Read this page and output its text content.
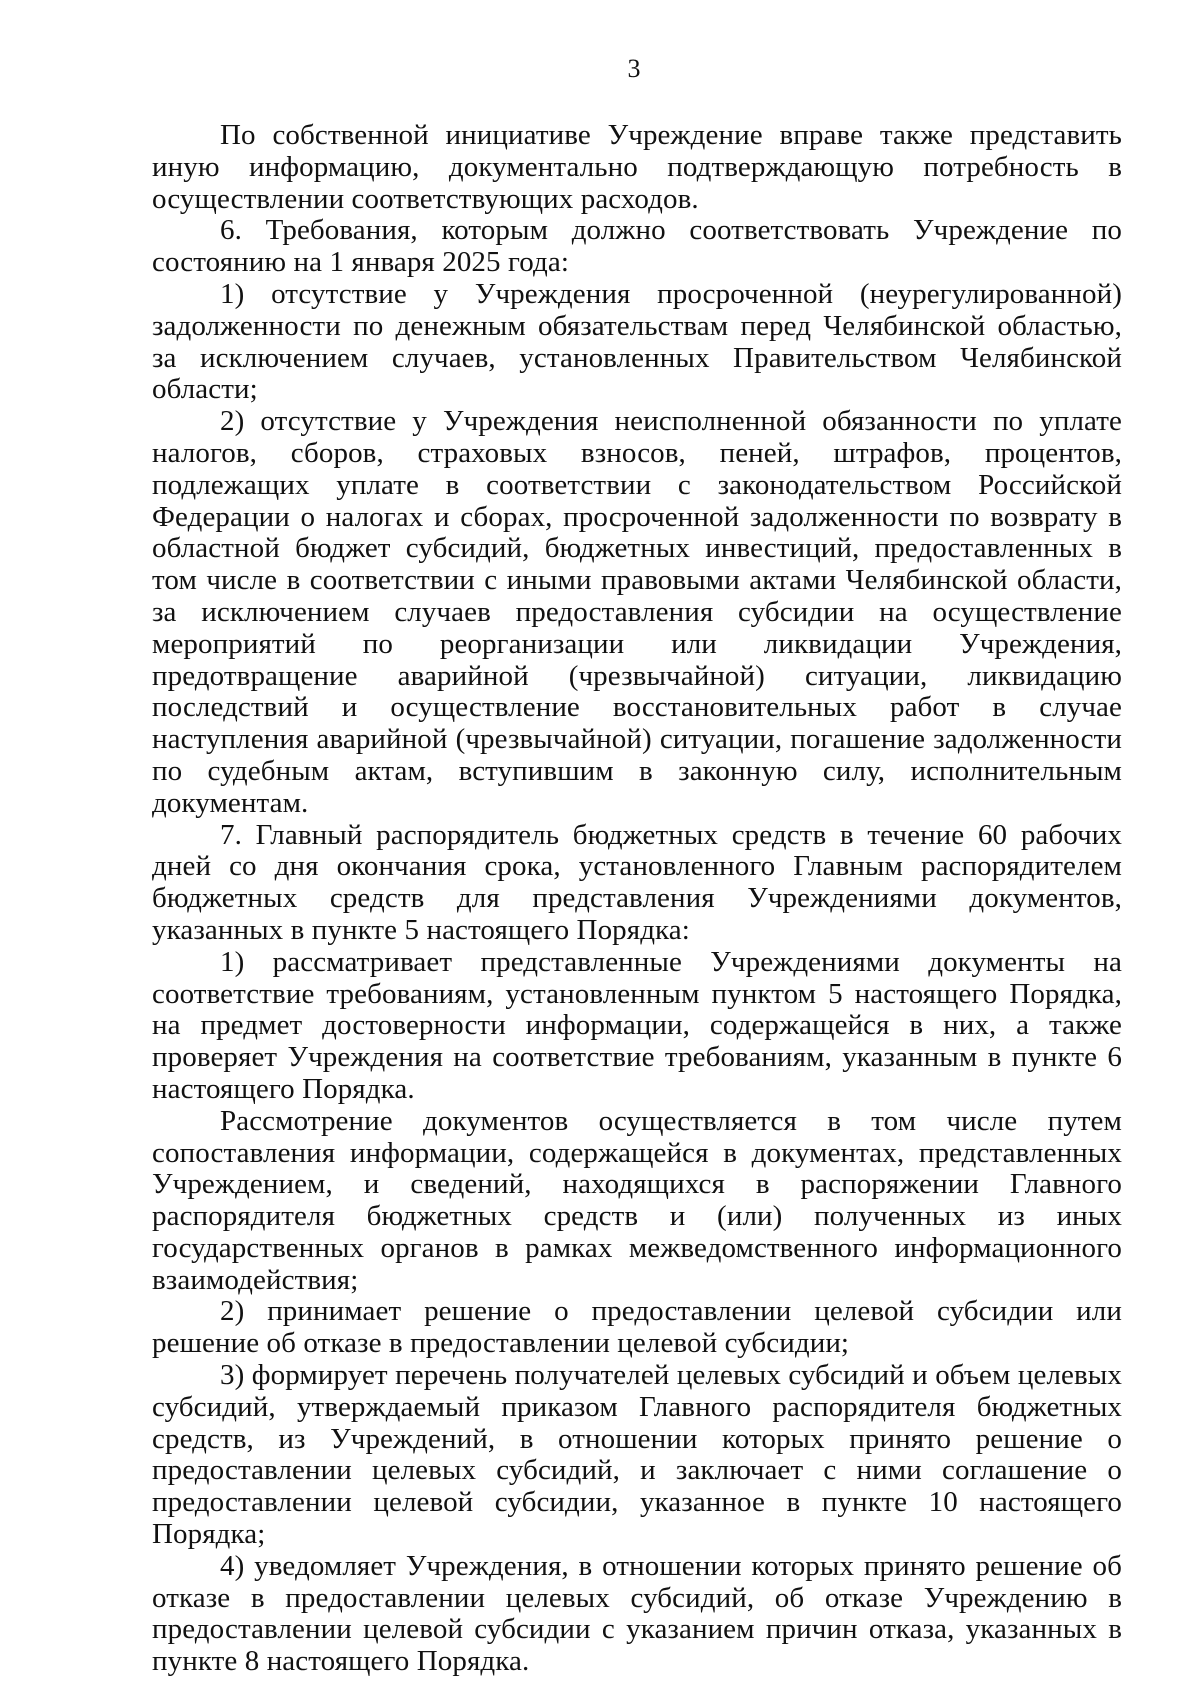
3

По собственной инициативе Учреждение вправе также представить иную информацию, документально подтверждающую потребность в осуществлении соответствующих расходов.

6. Требования, которым должно соответствовать Учреждение по состоянию на 1 января 2025 года:

1) отсутствие у Учреждения просроченной (неурегулированной) задолженности по денежным обязательствам перед Челябинской областью, за исключением случаев, установленных Правительством Челябинской области;

2) отсутствие у Учреждения неисполненной обязанности по уплате налогов, сборов, страховых взносов, пеней, штрафов, процентов, подлежащих уплате в соответствии с законодательством Российской Федерации о налогах и сборах, просроченной задолженности по возврату в областной бюджет субсидий, бюджетных инвестиций, предоставленных в том числе в соответствии с иными правовыми актами Челябинской области, за исключением случаев предоставления субсидии на осуществление мероприятий по реорганизации или ликвидации Учреждения, предотвращение аварийной (чрезвычайной) ситуации, ликвидацию последствий и осуществление восстановительных работ в случае наступления аварийной (чрезвычайной) ситуации, погашение задолженности по судебным актам, вступившим в законную силу, исполнительным документам.

7. Главный распорядитель бюджетных средств в течение 60 рабочих дней со дня окончания срока, установленного Главным распорядителем бюджетных средств для представления Учреждениями документов, указанных в пункте 5 настоящего Порядка:

1) рассматривает представленные Учреждениями документы на соответствие требованиям, установленным пунктом 5 настоящего Порядка, на предмет достоверности информации, содержащейся в них, а также проверяет Учреждения на соответствие требованиям, указанным в пункте 6 настоящего Порядка.

Рассмотрение документов осуществляется в том числе путем сопоставления информации, содержащейся в документах, представленных Учреждением, и сведений, находящихся в распоряжении Главного распорядителя бюджетных средств и (или) полученных из иных государственных органов в рамках межведомственного информационного взаимодействия;

2) принимает решение о предоставлении целевой субсидии или решение об отказе в предоставлении целевой субсидии;

3) формирует перечень получателей целевых субсидий и объем целевых субсидий, утверждаемый приказом Главного распорядителя бюджетных средств, из Учреждений, в отношении которых принято решение о предоставлении целевых субсидий, и заключает с ними соглашение о предоставлении целевой субсидии, указанное в пункте 10 настоящего Порядка;

4) уведомляет Учреждения, в отношении которых принято решение об отказе в предоставлении целевых субсидий, об отказе Учреждению в предоставлении целевой субсидии с указанием причин отказа, указанных в пункте 8 настоящего Порядка.
